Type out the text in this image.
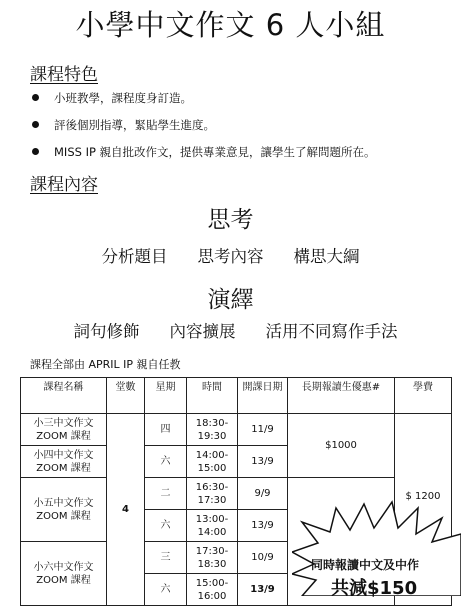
小學中文作文 6 人小組
課程特色
小班教學，課程度身訂造。
評後個別指導，緊貼學生進度。
MISS IP 親自批改作文，提供專業意見，讓學生了解問題所在。
課程內容
思考
分析題目 思考內容 構思大綱
演繹
詞句修飾 內容擴展 活用不同寫作手法
課程全部由 APRIL IP 親自任教
課程名稱	堂數	星期	時間	開課日期	長期報讀生優惠#	學費
小三中文作文 ZOOM 課程	4	四	18:30-19:30	11/9	$1000	$ 1200
小四中文作文 ZOOM 課程		六	14:00-15:00	13/9		
小五中文作文 ZOOM 課程		二	16:30-17:30	9/9		
		六	13:00-14:00	13/9		
小六中文作文 ZOOM 課程		三	17:30-18:30	10/9		
		六	15:00-16:00	13/9		
同時報讀中文及中作
共減$150
